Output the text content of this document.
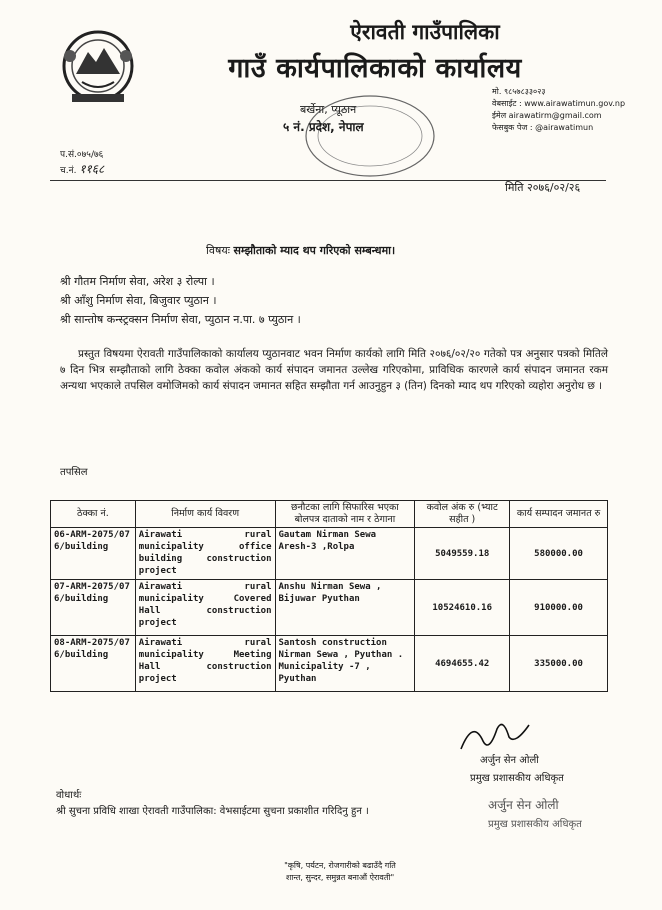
ऐरावती गाउँपालिका
गाउँ कार्यपालिकाको कार्यालय
बर्खेना, प्यूठान
५ नं. प्रदेश, नेपाल
मो. ९८५७८३३०२३
वेबसाईट : www.airawatimun.gov.np
ईमेल airawatirm@gmail.com
फेसबुक पेज : @airawatimun
प.सं.०७५/७६
च.नं. ११६८
मिति २०७६/०२/२६
विषयः सम्झौताको म्याद थप गरिएको सम्बन्धमा।
श्री गौतम निर्माण सेवा, अरेश ३ रोल्पा ।
श्री आँशु निर्माण सेवा, बिजुवार प्युठान ।
श्री सान्तोष कन्स्ट्रक्सन निर्माण सेवा, प्युठान न.पा. ७ प्युठान ।
प्रस्तुत विषयमा ऐरावती गाउँपालिकाको कार्यालय प्युठानवाट भवन निर्माण कार्यको लागि मिति २०७६/०२/२० गतेको पत्र अनुसार पत्रको मितिले ७ दिन भित्र सम्झौताको लागि ठेक्का कवोल अंकको कार्य संपादन जमानत उल्लेख गरिएकोमा, प्राविधिक कारणले कार्य संपादन जमानत रकम अन्यथा भएकाले तपसिल वमोजिमको कार्य संपादन जमानत सहित सम्झौता गर्न आउनुहुन ३ (तिन) दिनको म्याद थप गरिएको व्यहोरा अनुरोध छ ।
तपसिल
ठेक्का नं.	निर्माण कार्य विवरण	छनौटका लागि सिफारिस भएका बोलपत्र दाताको नाम र ठेगाना	कवोल अंक रु (भ्याट सहीत )	कार्य सम्पादन जमानत रु
06-ARM-2075/076/building	Airawati rural municipality office building construction project	Gautam Nirman Sewa Aresh-3 ,Rolpa	5049559.18	580000.00
07-ARM-2075/076/building	Airawati rural municipality Covered Hall construction project	Anshu Nirman Sewa , Bijuwar Pyuthan	10524610.16	910000.00
08-ARM-2075/076/building	Airawati rural municipality Meeting Hall construction project	Santosh construction Nirman Sewa , Pyuthan . Municipality -7 , Pyuthan	4694655.42	335000.00
अर्जुन सेन ओली
प्रमुख प्रशासकीय अधिकृत
अर्जुन सेन ओली
प्रमुख प्रशासकीय अधिकृत
वोधार्थः
श्री सुचना प्रविधि शाखा ऐरावती गाउँपालिका: वेभसाईटमा सुचना प्रकाशीत गरिदिनु हुन ।
"कृषि, पर्यटन, रोजगारीको बढाउँदै गति
शान्त, सुन्दर, समुन्नत बनाऔं ऐरावती"
